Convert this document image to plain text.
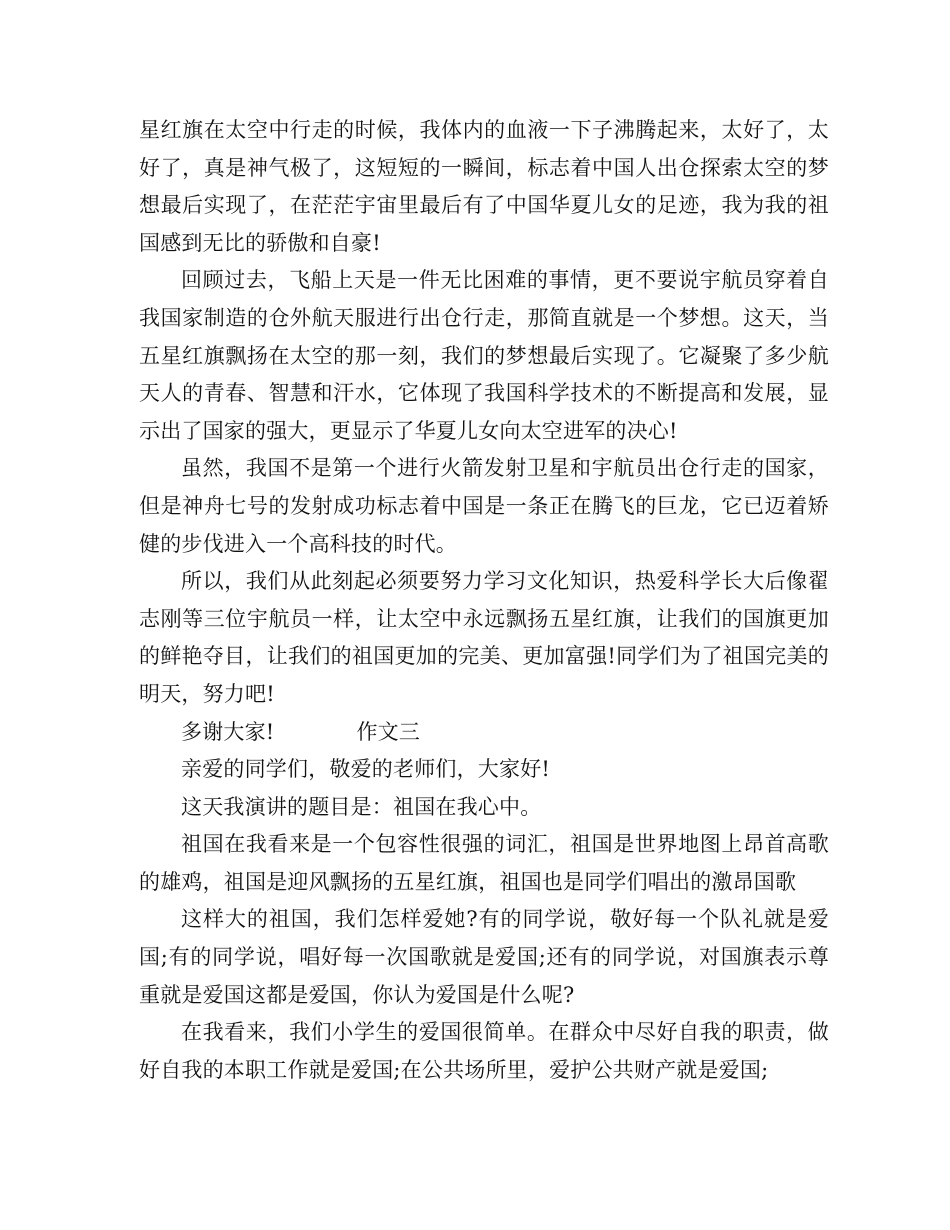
星红旗在太空中行走的时候，我体内的血液一下子沸腾起来，太好了，太好了，真是神气极了，这短短的一瞬间，标志着中国人出仓探索太空的梦想最后实现了，在茫茫宇宙里最后有了中国华夏儿女的足迹，我为我的祖国感到无比的骄傲和自豪!

回顾过去，飞船上天是一件无比困难的事情，更不要说宇航员穿着自我国家制造的仓外航天服进行出仓行走，那简直就是一个梦想。这天，当五星红旗飘扬在太空的那一刻，我们的梦想最后实现了。它凝聚了多少航天人的青春、智慧和汗水，它体现了我国科学技术的不断提高和发展，显示出了国家的强大，更显示了华夏儿女向太空进军的决心!

虽然，我国不是第一个进行火箭发射卫星和宇航员出仓行走的国家，但是神舟七号的发射成功标志着中国是一条正在腾飞的巨龙，它已迈着矫健的步伐进入一个高科技的时代。

所以，我们从此刻起必须要努力学习文化知识，热爱科学长大后像翟志刚等三位宇航员一样，让太空中永远飘扬五星红旗，让我们的国旗更加的鲜艳夺目，让我们的祖国更加的完美、更加富强!同学们为了祖国完美的明天，努力吧!

多谢大家!	作文三

亲爱的同学们，敬爱的老师们，大家好!

这天我演讲的题目是：祖国在我心中。

祖国在我看来是一个包容性很强的词汇，祖国是世界地图上昂首高歌的雄鸡，祖国是迎风飘扬的五星红旗，祖国也是同学们唱出的激昂国歌

这样大的祖国，我们怎样爱她?有的同学说，敬好每一个队礼就是爱国;有的同学说，唱好每一次国歌就是爱国;还有的同学说，对国旗表示尊重就是爱国这都是爱国，你认为爱国是什么呢?

在我看来，我们小学生的爱国很简单。在群众中尽好自我的职责，做好自我的本职工作就是爱国;在公共场所里，爱护公共财产就是爱国;
